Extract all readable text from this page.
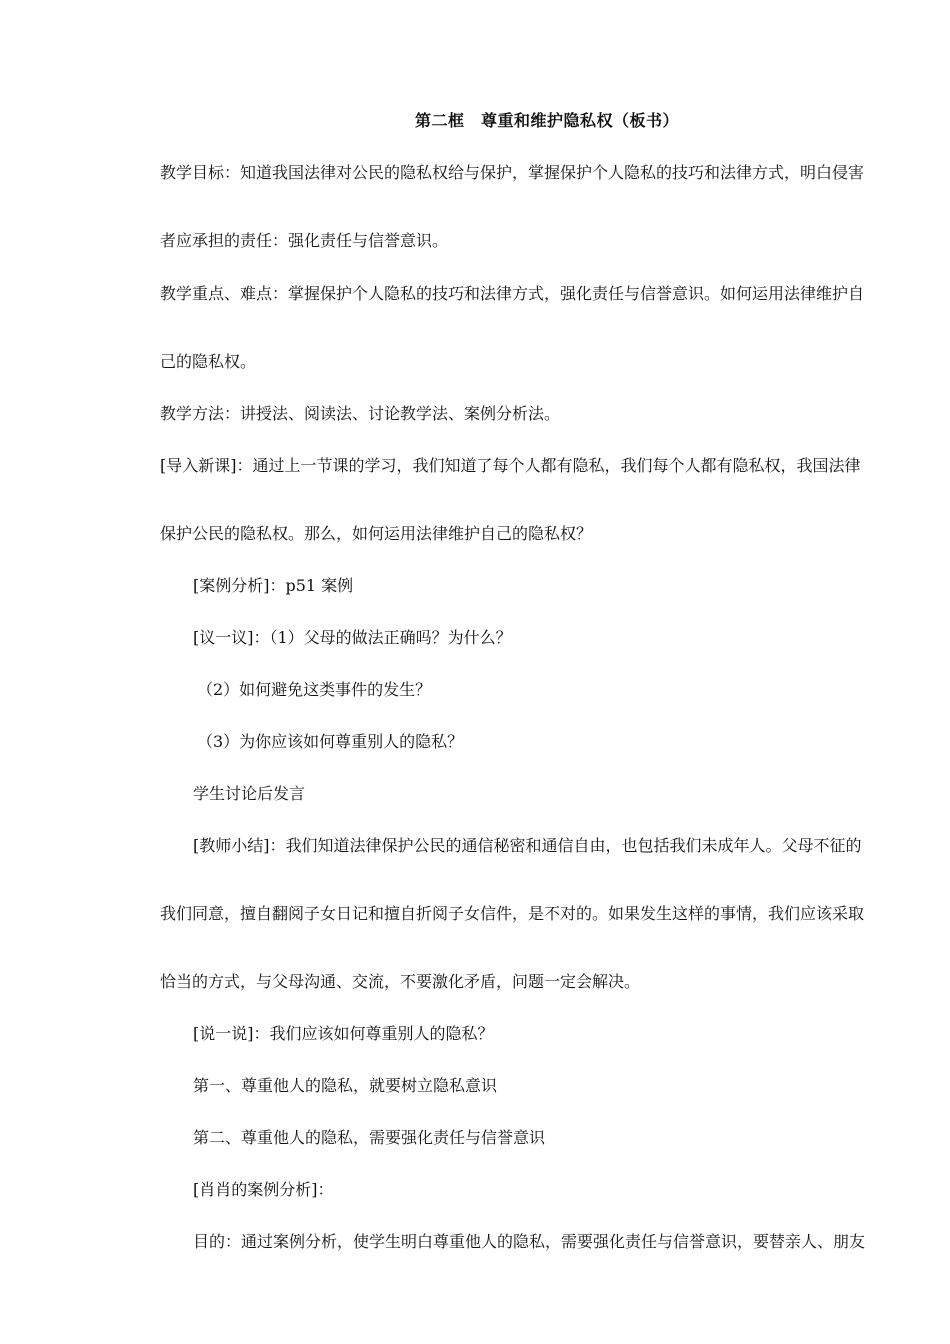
第二框　尊重和维护隐私权（板书）
教学目标：知道我国法律对公民的隐私权给与保护，掌握保护个人隐私的技巧和法律方式，明白侵害
者应承担的责任：强化责任与信誉意识。
教学重点、难点：掌握保护个人隐私的技巧和法律方式，强化责任与信誉意识。如何运用法律维护自
己的隐私权。
教学方法：讲授法、阅读法、讨论教学法、案例分析法。
[导入新课]：通过上一节课的学习，我们知道了每个人都有隐私，我们每个人都有隐私权，我国法律
保护公民的隐私权。那么，如何运用法律维护自己的隐私权？
[案例分析]：p51 案例
[议一议]：（1）父母的做法正确吗？为什么？
（2）如何避免这类事件的发生？
（3）为你应该如何尊重别人的隐私？
学生讨论后发言
[教师小结]：我们知道法律保护公民的通信秘密和通信自由，也包括我们未成年人。父母不征的
我们同意，擅自翻阅子女日记和擅自折阅子女信件，是不对的。如果发生这样的事情，我们应该采取
恰当的方式，与父母沟通、交流，不要激化矛盾，问题一定会解决。
[说一说]：我们应该如何尊重别人的隐私？
第一、尊重他人的隐私，就要树立隐私意识
第二、尊重他人的隐私，需要强化责任与信誉意识
[肖肖的案例分析]：
目的：通过案例分析，使学生明白尊重他人的隐私，需要强化责任与信誉意识，要替亲人、朋友
